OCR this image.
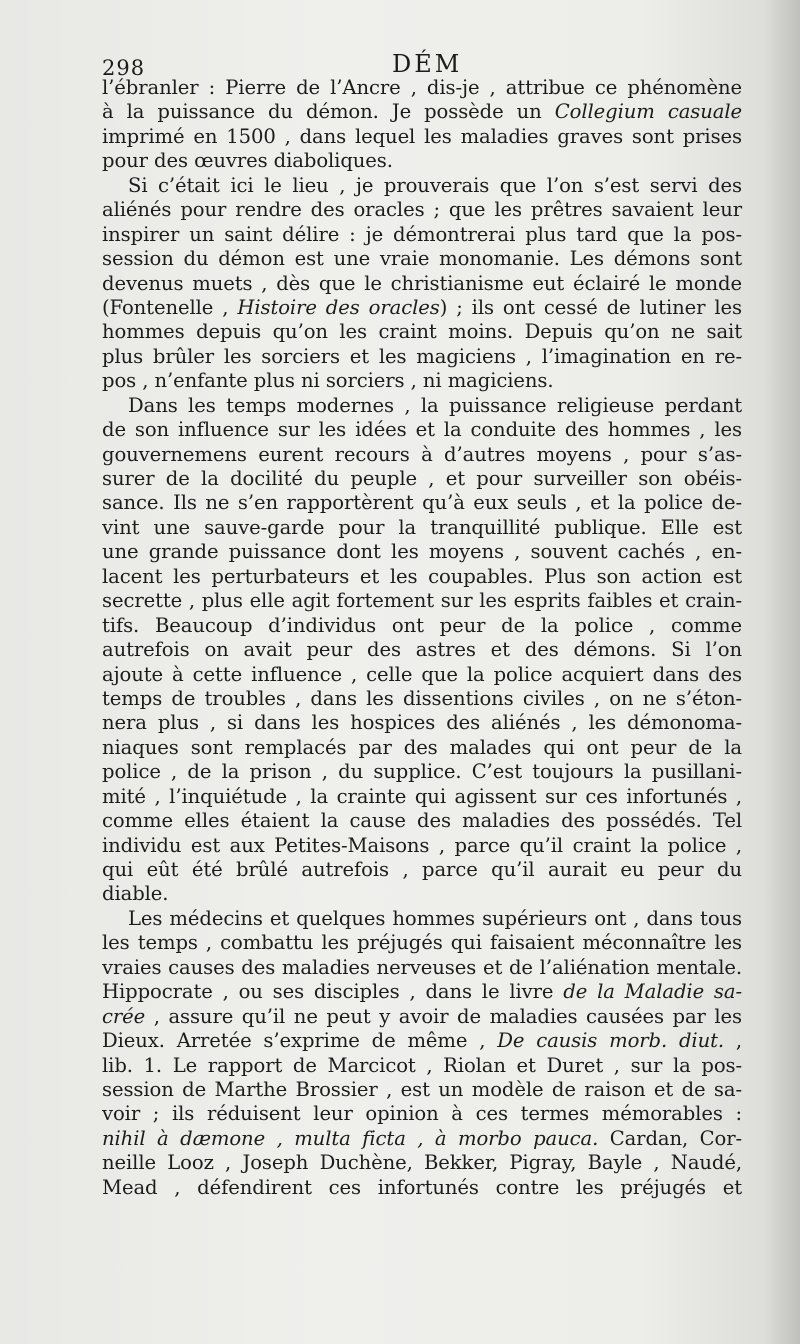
298	DÉM
l’ébranler : Pierre de l’Ancre , dis-je , attribue ce phénomène
à la puissance du démon. Je possède un Collegium casuale
imprimé en 1500 , dans lequel les maladies graves sont prises
pour des œuvres diaboliques.
Si c’était ici le lieu , je prouverais que l’on s’est servi des
aliénés pour rendre des oracles ; que les prêtres savaient leur
inspirer un saint délire : je démontrerai plus tard que la pos-
session du démon est une vraie monomanie. Les démons sont
devenus muets , dès que le christianisme eut éclairé le monde
(Fontenelle , Histoire des oracles) ; ils ont cessé de lutiner les
hommes depuis qu’on les craint moins. Depuis qu’on ne sait
plus brûler les sorciers et les magiciens , l’imagination en re-
pos , n’enfante plus ni sorciers , ni magiciens.
Dans les temps modernes , la puissance religieuse perdant
de son influence sur les idées et la conduite des hommes , les
gouvernemens eurent recours à d’autres moyens , pour s’as-
surer de la docilité du peuple , et pour surveiller son obéis-
sance. Ils ne s’en rapportèrent qu’à eux seuls , et la police de-
vint une sauve-garde pour la tranquillité publique. Elle est
une grande puissance dont les moyens , souvent cachés , en-
lacent les perturbateurs et les coupables. Plus son action est
secrette , plus elle agit fortement sur les esprits faibles et crain-
tifs. Beaucoup d’individus ont peur de la police , comme
autrefois on avait peur des astres et des démons. Si l’on
ajoute à cette influence , celle que la police acquiert dans des
temps de troubles , dans les dissentions civiles , on ne s’éton-
nera plus , si dans les hospices des aliénés , les démonoma-
niaques sont remplacés par des malades qui ont peur de la
police , de la prison , du supplice. C’est toujours la pusillani-
mité , l’inquiétude , la crainte qui agissent sur ces infortunés ,
comme elles étaient la cause des maladies des possédés. Tel
individu est aux Petites-Maisons , parce qu’il craint la police ,
qui eût été brûlé autrefois , parce qu’il aurait eu peur du
diable.
Les médecins et quelques hommes supérieurs ont , dans tous
les temps , combattu les préjugés qui faisaient méconnaître les
vraies causes des maladies nerveuses et de l’aliénation mentale.
Hippocrate , ou ses disciples , dans le livre de la Maladie sa-
crée , assure qu’il ne peut y avoir de maladies causées par les
Dieux. Arretée s’exprime de même , De causis morb. diut. ,
lib. 1. Le rapport de Marcicot , Riolan et Duret , sur la pos-
session de Marthe Brossier , est un modèle de raison et de sa-
voir ; ils réduisent leur opinion à ces termes mémorables :
nihil à dæmone , multa ficta , à morbo pauca. Cardan, Cor-
neille Looz , Joseph Duchène, Bekker, Pigray, Bayle , Naudé,
Mead , défendirent ces infortunés contre les préjugés et
